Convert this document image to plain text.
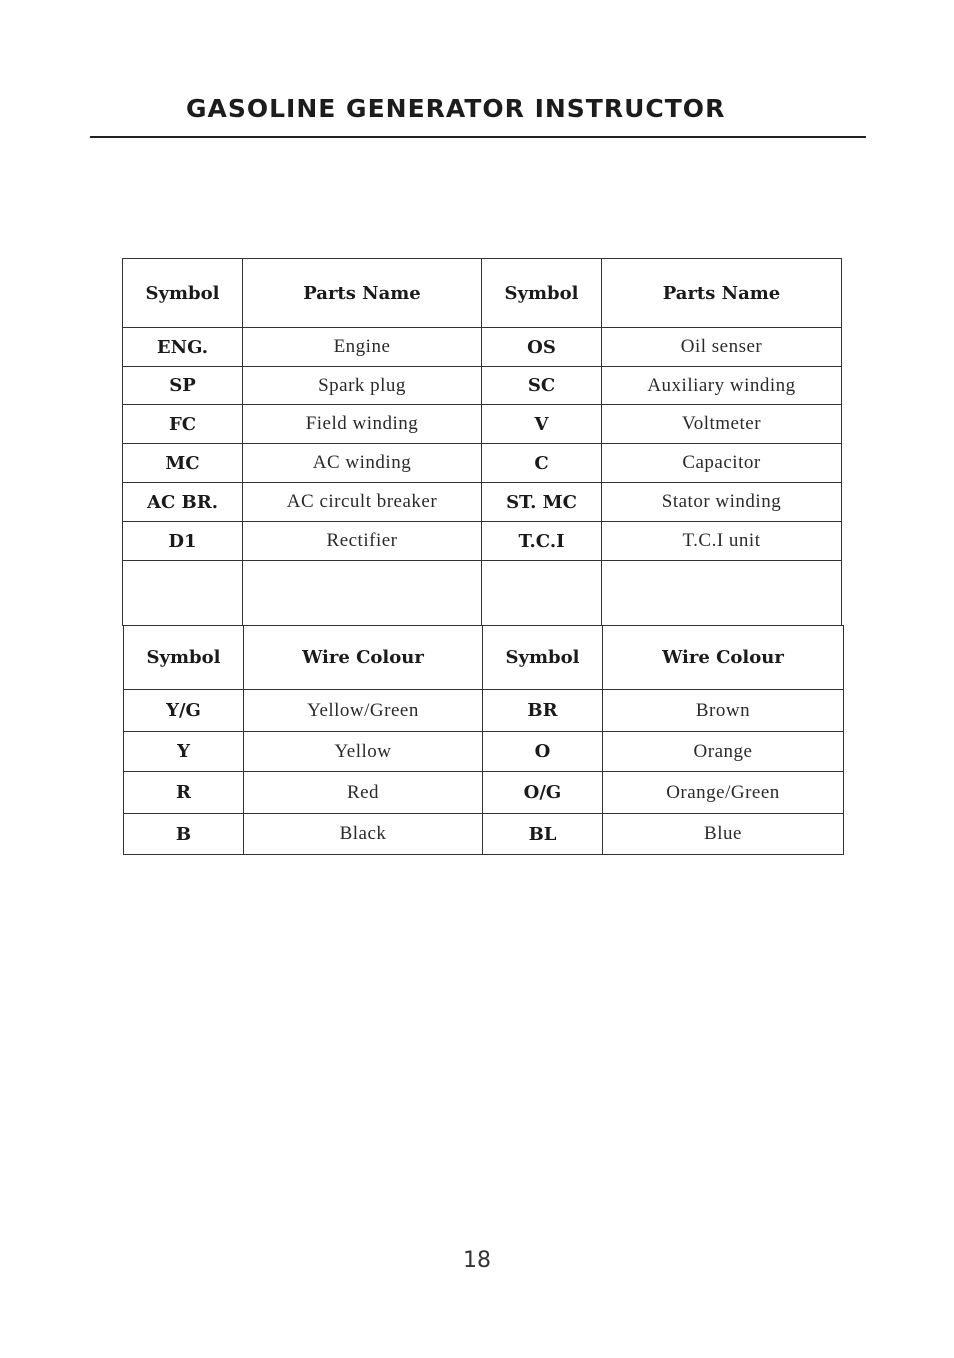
GASOLINE GENERATOR INSTRUCTOR
Symbol	Parts Name	Symbol	Parts Name
ENG.	Engine	OS	Oil senser
SP	Spark plug	SC	Auxiliary winding
FC	Field winding	V	Voltmeter
MC	AC winding	C	Capacitor
AC BR.	AC circult breaker	ST. MC	Stator winding
D1	Rectifier	T.C.I	T.C.I unit

Symbol	Wire Colour	Symbol	Wire Colour
Y/G	Yellow/Green	BR	Brown
Y	Yellow	O	Orange
R	Red	O/G	Orange/Green
B	Black	BL	Blue
18
